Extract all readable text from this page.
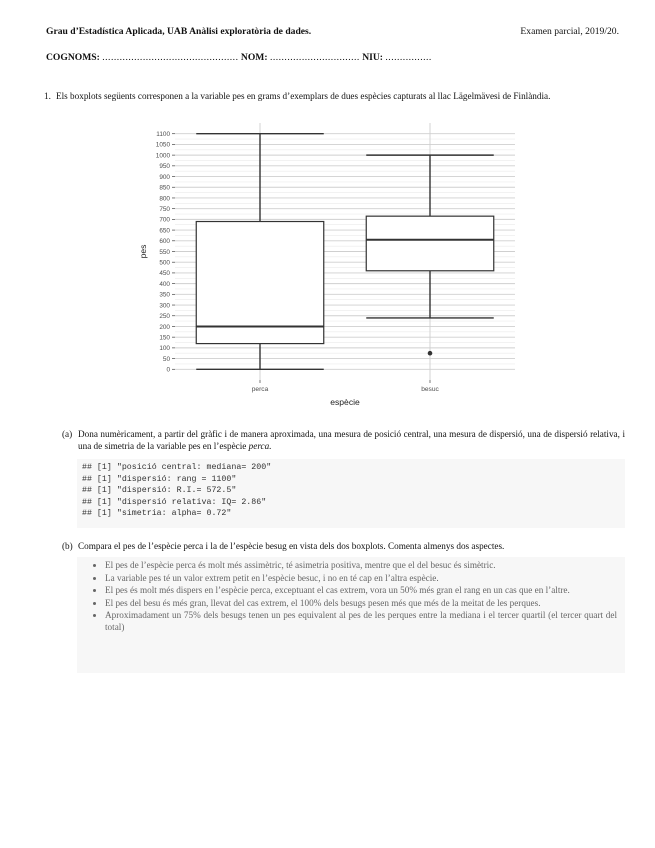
Grau d’Estadística Aplicada, UAB Anàlisi exploratòria de dades.	Examen parcial, 2019/20.
COGNOMS: ............................................... NOM: ............................... NIU: ................
1. Els boxplots següents corresponen a la variable pes en grams d’exemplars de dues espècies capturats al llac Lägelmävesi de Finlàndia.
0
50
100
150
200
250
300
350
400
450
500
550
600
650
700
750
800
850
900
950
1000
1050
1100
perca	besuc
espècie
pes
(a) Dona numèricament, a partir del gràfic i de manera aproximada, una mesura de posició central, una mesura de dispersió, una de dispersió relativa, i una de simetria de la variable pes en l’espècie perca.
## [1] "posició central: mediana= 200"
## [1] "dispersió: rang = 1100"
## [1] "dispersió: R.I.= 572.5"
## [1] "dispersió relativa: IQ= 2.86"
## [1] "simetria: alpha= 0.72"
(b) Compara el pes de l’espècie perca i la de l’espècie besug en vista dels dos boxplots. Comenta almenys dos aspectes.
• El pes de l’espècie perca és molt més assimètric, té asimetria positiva, mentre que el del besuc és simètric.
• La variable pes té un valor extrem petit en l’espècie besuc, i no en té cap en l’altra espècie.
• El pes és molt més dispers en l’espècie perca, exceptuant el cas extrem, vora un 50% més gran el rang en un cas que en l’altre.
• El pes del besu és més gran, llevat del cas extrem, el 100% dels besugs pesen més que més de la meitat de les perques.
• Aproximadament un 75% dels besugs tenen un pes equivalent al pes de les perques entre la mediana i el tercer quartil (el tercer quart del total)
